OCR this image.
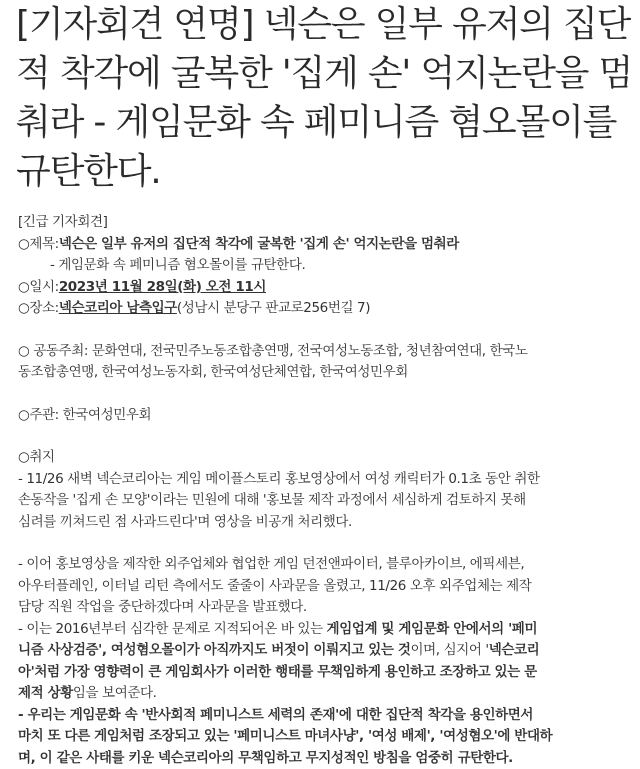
[기자회견 연명] 넥슨은 일부 유저의 집단
적 착각에 굴복한 '집게 손' 억지논란을 멈
춰라 - 게임문화 속 페미니즘 혐오몰이를
규탄한다.
[긴급 기자회견]
○제목:넥슨은 일부 유저의 집단적 착각에 굴복한 '집게 손' 억지논란을 멈춰라
- 게임문화 속 페미니즘 혐오몰이를 규탄한다.
○일시:2023년 11월 28일(화) 오전 11시
○장소:넥슨코리아 남측입구(성남시 분당구 판교로256번길 7)
○ 공동주최: 문화연대, 전국민주노동조합총연맹, 전국여성노동조합, 청년참여연대, 한국노
동조합총연맹, 한국여성노동자회, 한국여성단체연합, 한국여성민우회
○주관: 한국여성민우회
○취지
- 11/26 새벽 넥슨코리아는 게임 메이플스토리 홍보영상에서 여성 캐릭터가 0.1초 동안 취한
손동작을 '집게 손 모양'이라는 민원에 대해 '홍보물 제작 과정에서 세심하게 검토하지 못해
심려를 끼쳐드린 점 사과드린다'며 영상을 비공개 처리했다.
- 이어 홍보영상을 제작한 외주업체와 협업한 게임 던전앤파이터, 블루아카이브, 에픽세븐,
아우터플레인, 이터널 리턴 측에서도 줄줄이 사과문을 올렸고, 11/26 오후 외주업체는 제작
담당 직원 작업을 중단하겠다며 사과문을 발표했다.
- 이는 2016년부터 심각한 문제로 지적되어온 바 있는 게임업계 및 게임문화 안에서의 '페미
니즘 사상검증', 여성혐오몰이가 아직까지도 버젓이 이뤄지고 있는 것이며, 심지어 '넥슨코리
아'처럼 가장 영향력이 큰 게임회사가 이러한 행태를 무책임하게 용인하고 조장하고 있는 문
제적 상황임을 보여준다.
- 우리는 게임문화 속 '반사회적 페미니스트 세력의 존재'에 대한 집단적 착각을 용인하면서
마치 또 다른 게임처럼 조장되고 있는 '페미니스트 마녀사냥', '여성 배제', '여성혐오'에 반대하
며, 이 같은 사태를 키운 넥슨코리아의 무책임하고 무지성적인 방침을 엄중히 규탄한다.
